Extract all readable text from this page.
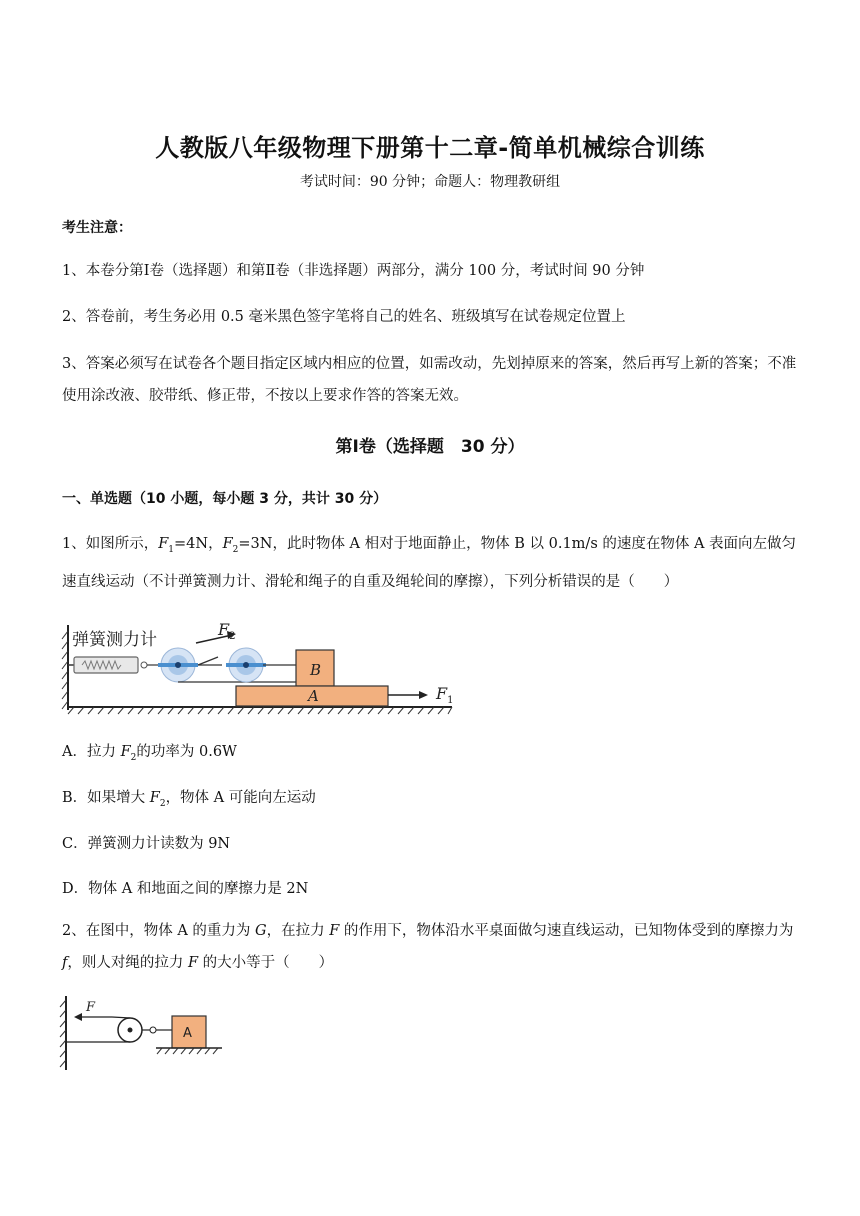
人教版八年级物理下册第十二章-简单机械综合训练
考试时间：90 分钟；命题人：物理教研组
考生注意：
1、本卷分第Ⅰ卷（选择题）和第Ⅱ卷（非选择题）两部分，满分 100 分，考试时间 90 分钟
2、答卷前，考生务必用 0.5 毫米黑色签字笔将自己的姓名、班级填写在试卷规定位置上
3、答案必须写在试卷各个题目指定区域内相应的位置，如需改动，先划掉原来的答案，然后再写上新的答案；不准使用涂改液、胶带纸、修正带，不按以上要求作答的答案无效。
第Ⅰ卷（选择题　30 分）
一、单选题（10 小题，每小题 3 分，共计 30 分）
1、如图所示，$F_1=4N$，$F_2=3N$，此时物体 A 相对于地面静止，物体 B 以 0.1m/s 的速度在物体 A 表面向左做匀速直线运动（不计弹簧测力计、滑轮和绳子的自重及绳轮间的摩擦），下列分析错误的是（　　）
弹簧测力计
$F_2$
B
A	$F_1$
A．拉力 $F_2$的功率为 0.6W
B．如果增大 $F_2$，物体 A 可能向左运动
C．弹簧测力计读数为 9N
D．物体 A 和地面之间的摩擦力是 2N
2、在图中，物体 A 的重力为 G，在拉力 F 的作用下，物体沿水平桌面做匀速直线运动，已知物体受到的摩擦力为 f，则人对绳的拉力 F 的大小等于（　　）
F
A
